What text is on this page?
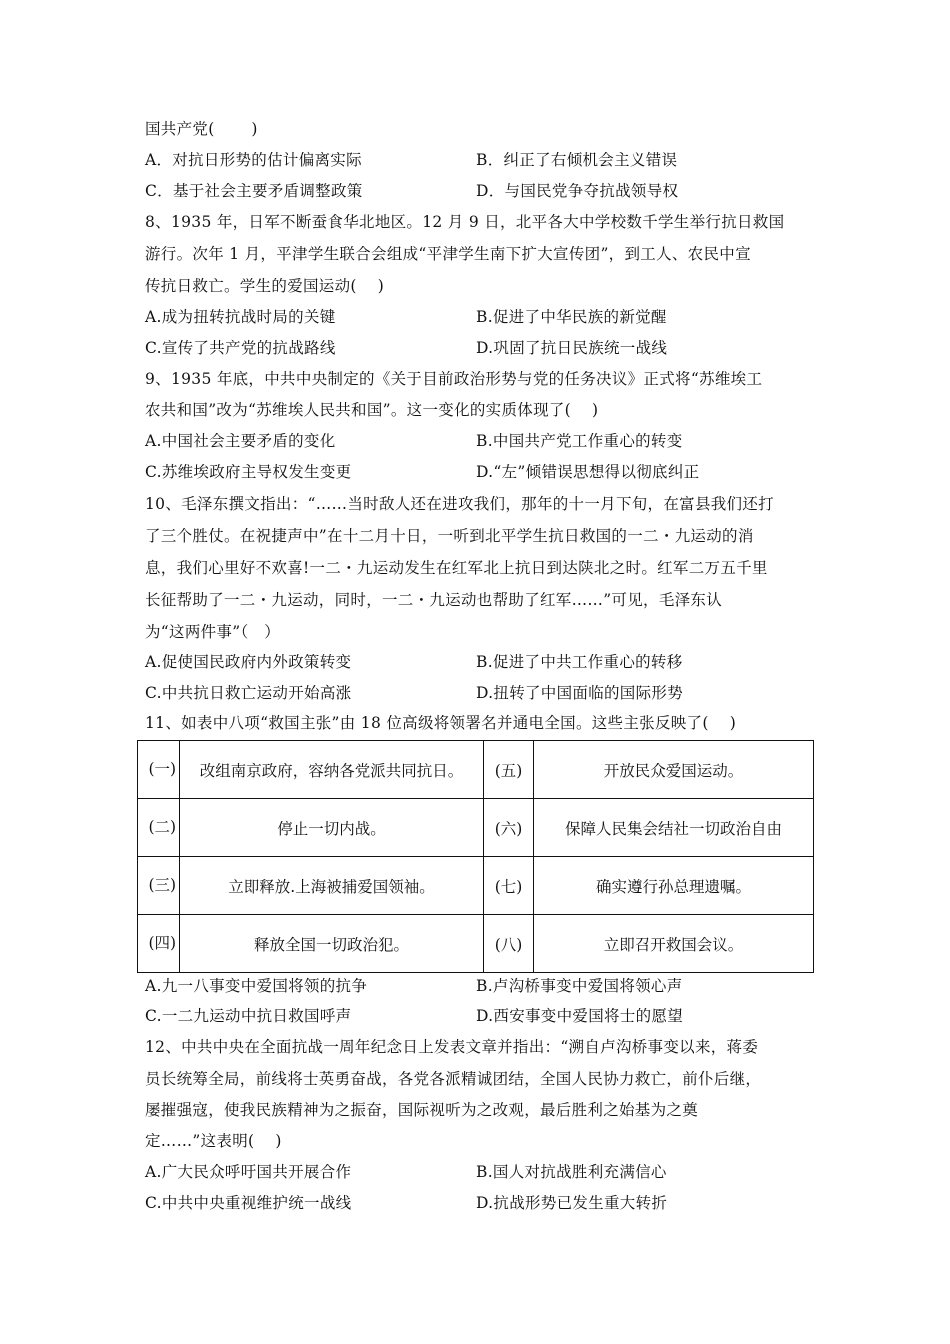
国共产党(　　 )
A．对抗日形势的估计偏离实际	B．纠正了右倾机会主义错误
C．基于社会主要矛盾调整政策	D．与国民党争夺抗战领导权
8、1935 年，日军不断蚕食华北地区。12 月 9 日，北平各大中学校数千学生举行抗日救国
游行。次年 1 月，平津学生联合会组成“平津学生南下扩大宣传团”，到工人、农民中宣
传抗日救亡。学生的爱国运动(　 )
A.成为扭转抗战时局的关键	B.促进了中华民族的新觉醒
C.宣传了共产党的抗战路线	D.巩固了抗日民族统一战线
9、1935 年底，中共中央制定的《关于目前政治形势与党的任务决议》正式将“苏维埃工
农共和国”改为“苏维埃人民共和国”。这一变化的实质体现了(　 )
A.中国社会主要矛盾的变化	B.中国共产党工作重心的转变
C.苏维埃政府主导权发生变更	D.“左”倾错误思想得以彻底纠正
10、毛泽东撰文指出：“……当时敌人还在进攻我们，那年的十一月下旬，在富县我们还打
了三个胜仗。在祝捷声中”在十二月十日，一听到北平学生抗日救国的一二・九运动的消
息，我们心里好不欢喜!一二・九运动发生在红军北上抗日到达陕北之时。红军二万五千里
长征帮助了一二・九运动，同时，一二・九运动也帮助了红军……”可见，毛泽东认
为“这两件事”（　）
A.促使国民政府内外政策转变	B.促进了中共工作重心的转移
C.中共抗日救亡运动开始高涨	D.扭转了中国面临的国际形势
11、如表中八项“救国主张”由 18 位高级将领署名并通电全国。这些主张反映了(　 )
(一)	改组南京政府，容纳各党派共同抗日。	(五)	开放民众爱国运动。
(二)	停止一切内战。	(六)	保障人民集会结社一切政治自由
(三)	立即释放.上海被捕爱国领袖。	(七)	确实遵行孙总理遗嘱。
(四)	释放全国一切政治犯。	(八)	立即召开救国会议。
A.九一八事变中爱国将领的抗争	B.卢沟桥事变中爱国将领心声
C.一二九运动中抗日救国呼声	D.西安事变中爱国将士的愿望
12、中共中央在全面抗战一周年纪念日上发表文章并指出：“溯自卢沟桥事变以来，蒋委
员长统筹全局，前线将士英勇奋战，各党各派精诚团结，全国人民协力救亡，前仆后继，
屡摧强寇，使我民族精神为之振奋，国际视听为之改观，最后胜利之始基为之奠
定……”这表明(　 )
A.广大民众呼吁国共开展合作	B.国人对抗战胜利充满信心
C.中共中央重视维护统一战线	D.抗战形势已发生重大转折
